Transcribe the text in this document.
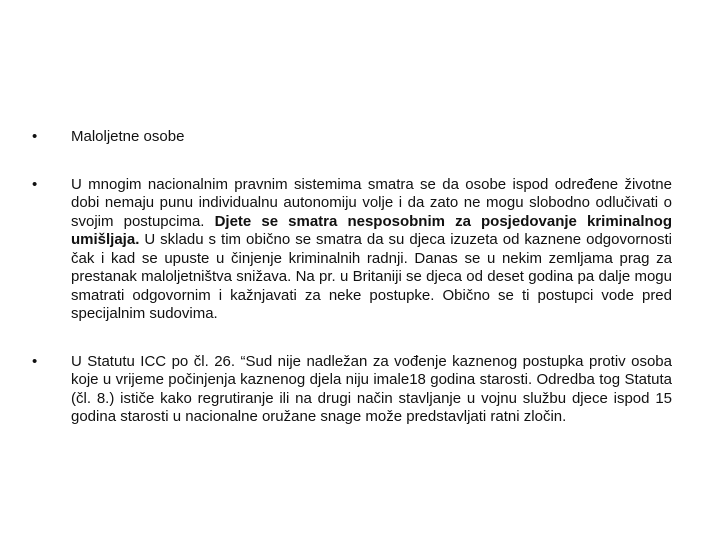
•	Maloljetne osobe
•	U mnogim nacionalnim pravnim sistemima smatra se da osobe ispod određene životne dobi nemaju punu individualnu autonomiju volje i da zato ne mogu slobodno odlučivati o svojim postupcima. Djete se smatra nesposobnim za posjedovanje kriminalnog umišljaja. U skladu s tim obično se smatra da su djeca izuzeta od kaznene odgovornosti čak i kad se upuste u činjenje kriminalnih radnji. Danas se u nekim zemljama prag za prestanak maloljetništva snižava. Na pr. u Britaniji se djeca od deset godina pa dalje mogu smatrati odgovornim i kažnjavati za neke postupke. Obično se ti postupci vode pred specijalnim sudovima.
•	U Statutu ICC po čl. 26. “Sud nije nadležan za vođenje kaznenog postupka protiv osoba koje u vrijeme počinjenja kaznenog djela niju imale18 godina starosti. Odredba tog Statuta (čl. 8.) ističe kako regrutiranje ili na drugi način stavljanje u vojnu službu djece ispod 15 godina starosti u nacionalne oružane snage može predstavljati ratni zločin.
